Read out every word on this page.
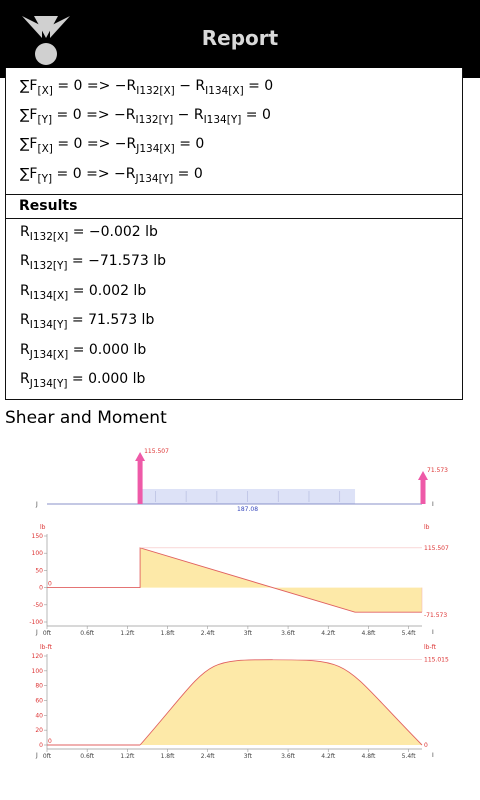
Report
$\sum F_{[X]} = 0 => -R_{I132[X]} - R_{I134[X]} = 0$
$\sum F_{[Y]} = 0 => -R_{I132[Y]} - R_{I134[Y]} = 0$
$\sum F_{[X]} = 0 => -R_{J134[X]} = 0$
$\sum F_{[Y]} = 0 => -R_{J134[Y]} = 0$
Results
$R_{I132[X]} = -0.002$ lb
$R_{I132[Y]} = -71.573$ lb
$R_{I134[X]} = 0.002$ lb
$R_{I134[Y]} = 71.573$ lb
$R_{J134[X]} = 0.000$ lb
$R_{J134[Y]} = 0.000$ lb
Shear and Moment
187.08
J	I
115.507
71.573
150
100
50
0
-50
-100
0ft	0.6ft	1.2ft	1.8ft	2.4ft	3ft	3.6ft	4.2ft	4.8ft	5.4ft
lb	lb
J	I
0
115.507
-71.573
120
100
80
60
40
20
0
0ft	0.6ft	1.2ft	1.8ft	2.4ft	3ft	3.6ft	4.2ft	4.8ft	5.4ft
lb-ft	lb-ft
J	I
0
115.015
0
